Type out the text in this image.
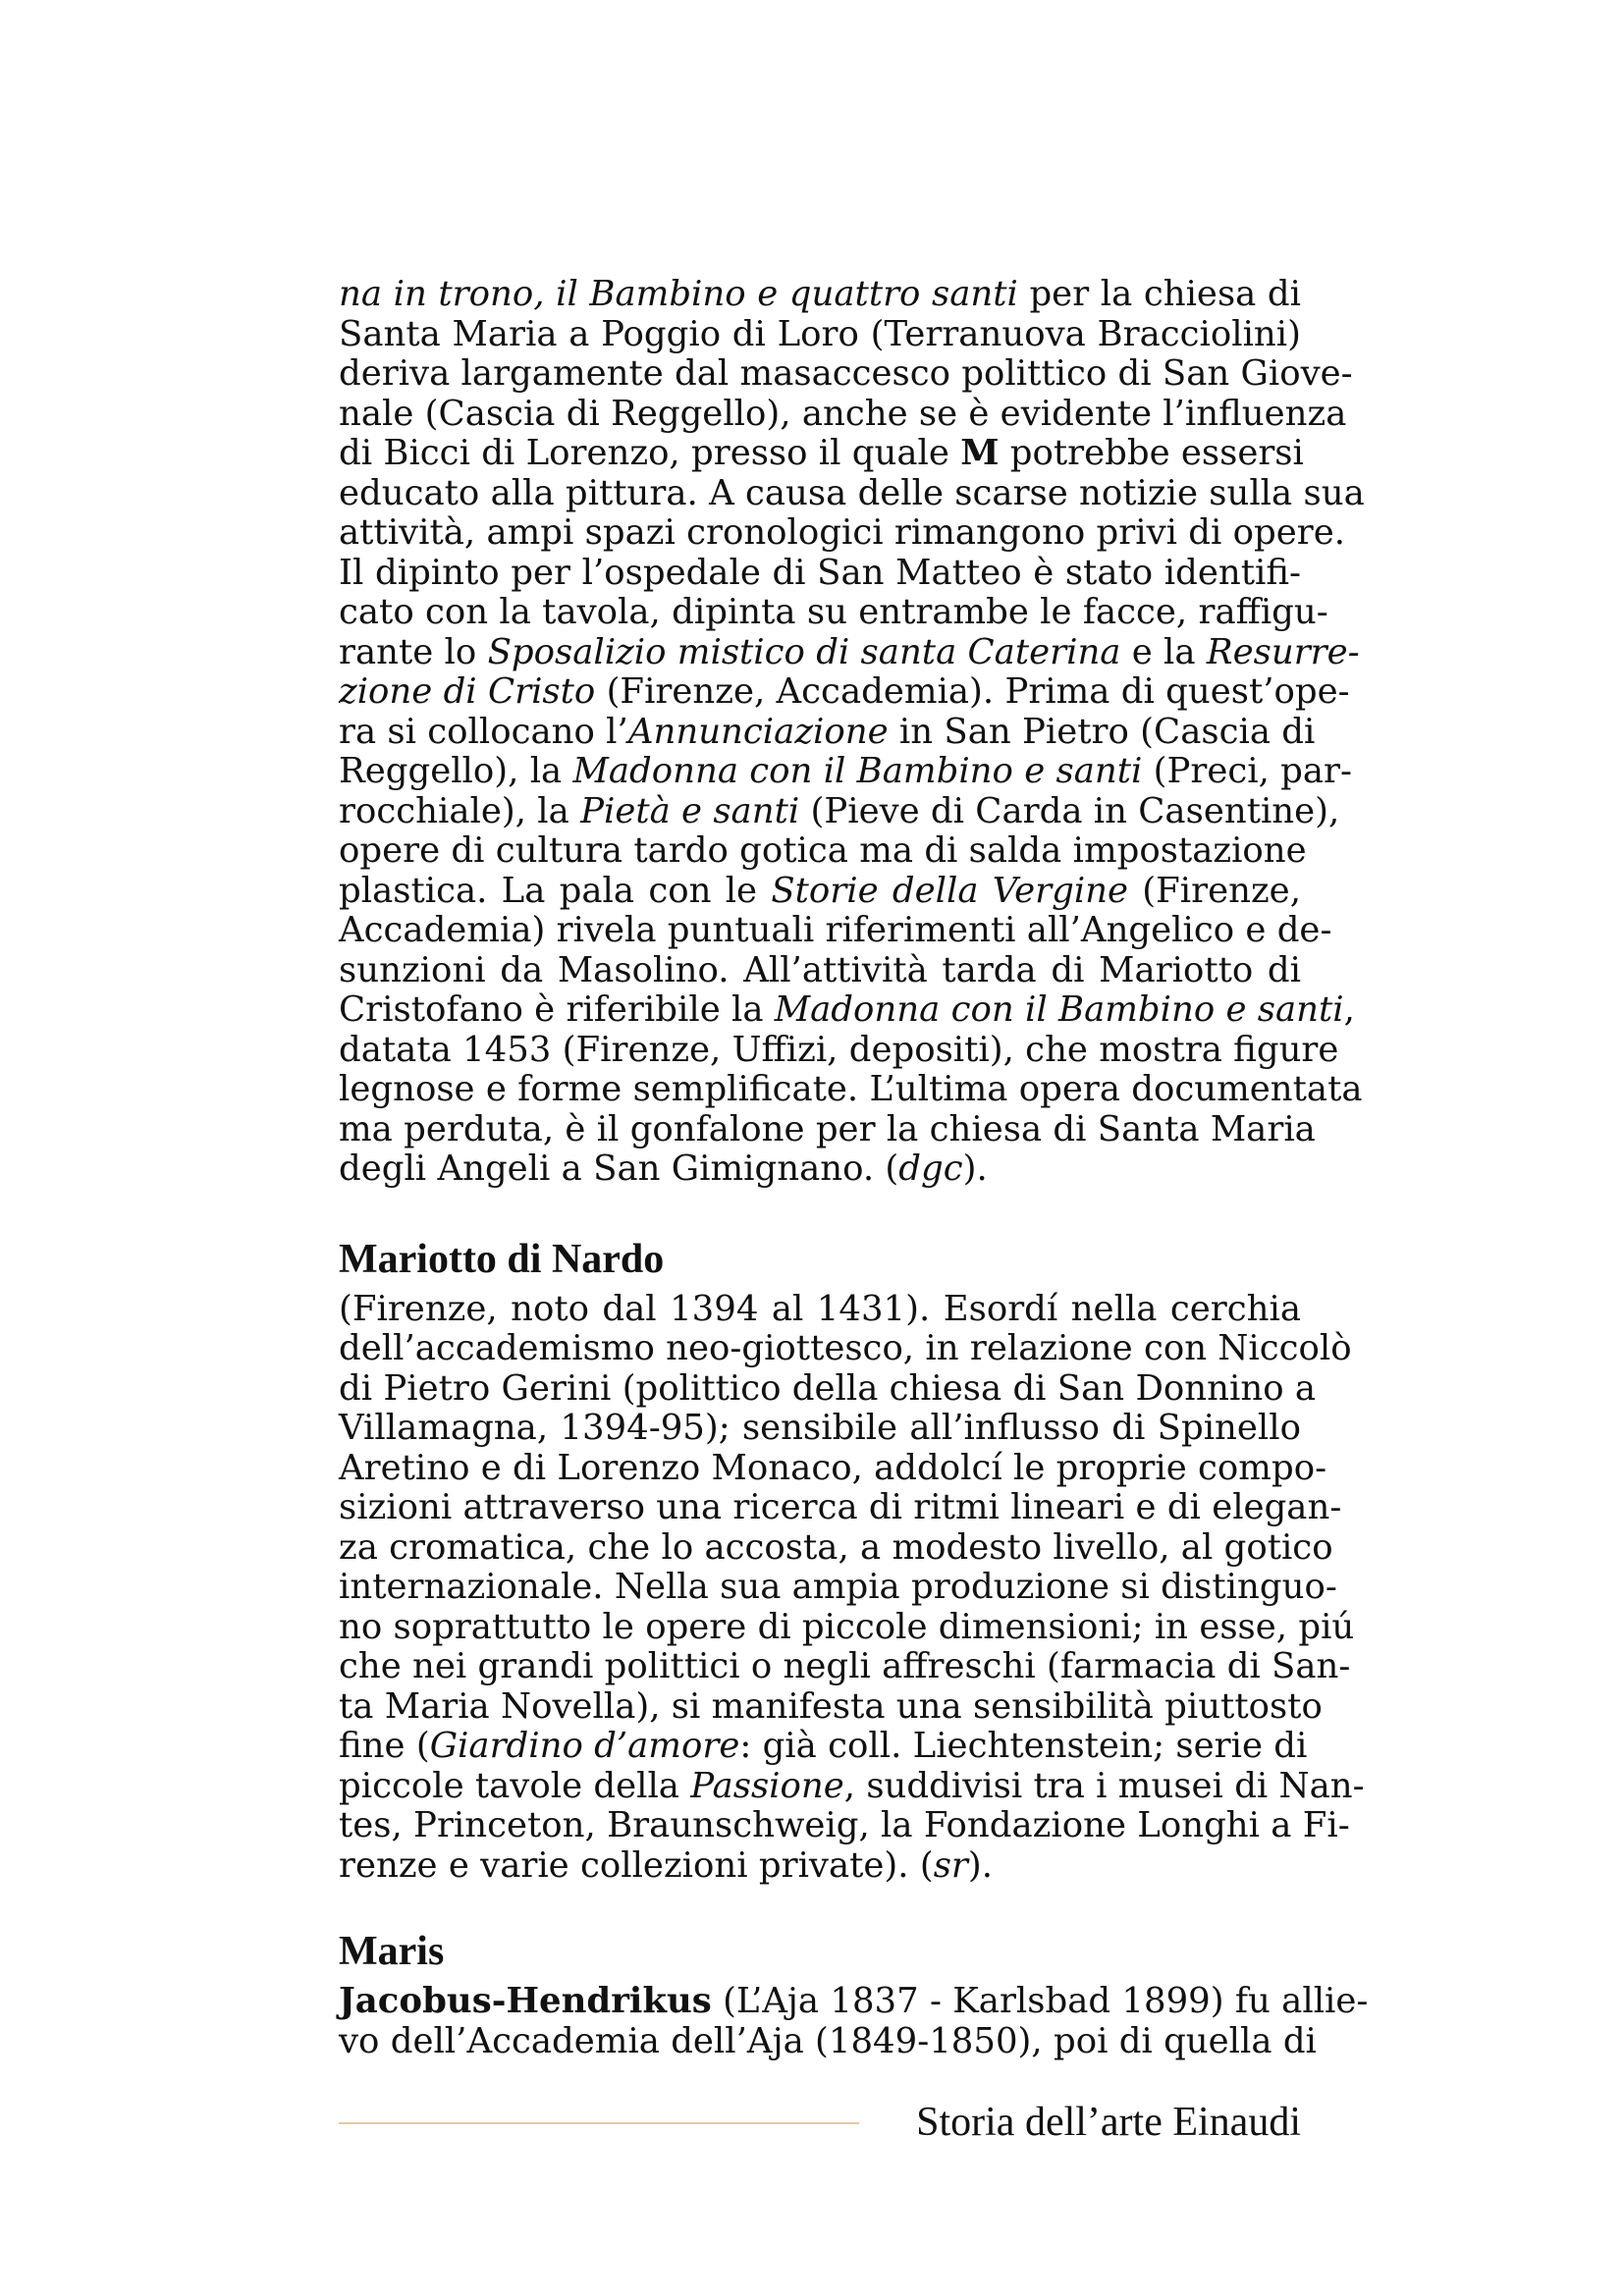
na in trono, il Bambino e quattro santi per la chiesa di
Santa Maria a Poggio di Loro (Terranuova Bracciolini)
deriva largamente dal masaccesco polittico di San Giove-
nale (Cascia di Reggello), anche se è evidente l’influenza
di Bicci di Lorenzo, presso il quale M potrebbe essersi
educato alla pittura. A causa delle scarse notizie sulla sua
attività, ampi spazi cronologici rimangono privi di opere.
Il dipinto per l’ospedale di San Matteo è stato identifi-
cato con la tavola, dipinta su entrambe le facce, raffigu-
rante lo Sposalizio mistico di santa Caterina e la Resurre-
zione di Cristo (Firenze, Accademia). Prima di quest’ope-
ra si collocano l’Annunciazione in San Pietro (Cascia di
Reggello), la Madonna con il Bambino e santi (Preci, par-
rocchiale), la Pietà e santi (Pieve di Carda in Casentine),
opere di cultura tardo gotica ma di salda impostazione
plastica. La pala con le Storie della Vergine (Firenze,
Accademia) rivela puntuali riferimenti all’Angelico e de-
sunzioni da Masolino. All’attività tarda di Mariotto di
Cristofano è riferibile la Madonna con il Bambino e santi,
datata 1453 (Firenze, Uffizi, depositi), che mostra figure
legnose e forme semplificate. L’ultima opera documentata
ma perduta, è il gonfalone per la chiesa di Santa Maria
degli Angeli a San Gimignano. (dgc).
Mariotto di Nardo
(Firenze, noto dal 1394 al 1431). Esordí nella cerchia
dell’accademismo neo-giottesco, in relazione con Niccolò
di Pietro Gerini (polittico della chiesa di San Donnino a
Villamagna, 1394-95); sensibile all’influsso di Spinello
Aretino e di Lorenzo Monaco, addolcí le proprie compo-
sizioni attraverso una ricerca di ritmi lineari e di elegan-
za cromatica, che lo accosta, a modesto livello, al gotico
internazionale. Nella sua ampia produzione si distinguo-
no soprattutto le opere di piccole dimensioni; in esse, piú
che nei grandi polittici o negli affreschi (farmacia di San-
ta Maria Novella), si manifesta una sensibilità piuttosto
fine (Giardino d’amore: già coll. Liechtenstein; serie di
piccole tavole della Passione, suddivisi tra i musei di Nan-
tes, Princeton, Braunschweig, la Fondazione Longhi a Fi-
renze e varie collezioni private). (sr).
Maris
Jacobus-Hendrikus (L’Aja 1837 - Karlsbad 1899) fu allie-
vo dell’Accademia dell’Aja (1849-1850), poi di quella di
Storia dell’arte Einaudi
